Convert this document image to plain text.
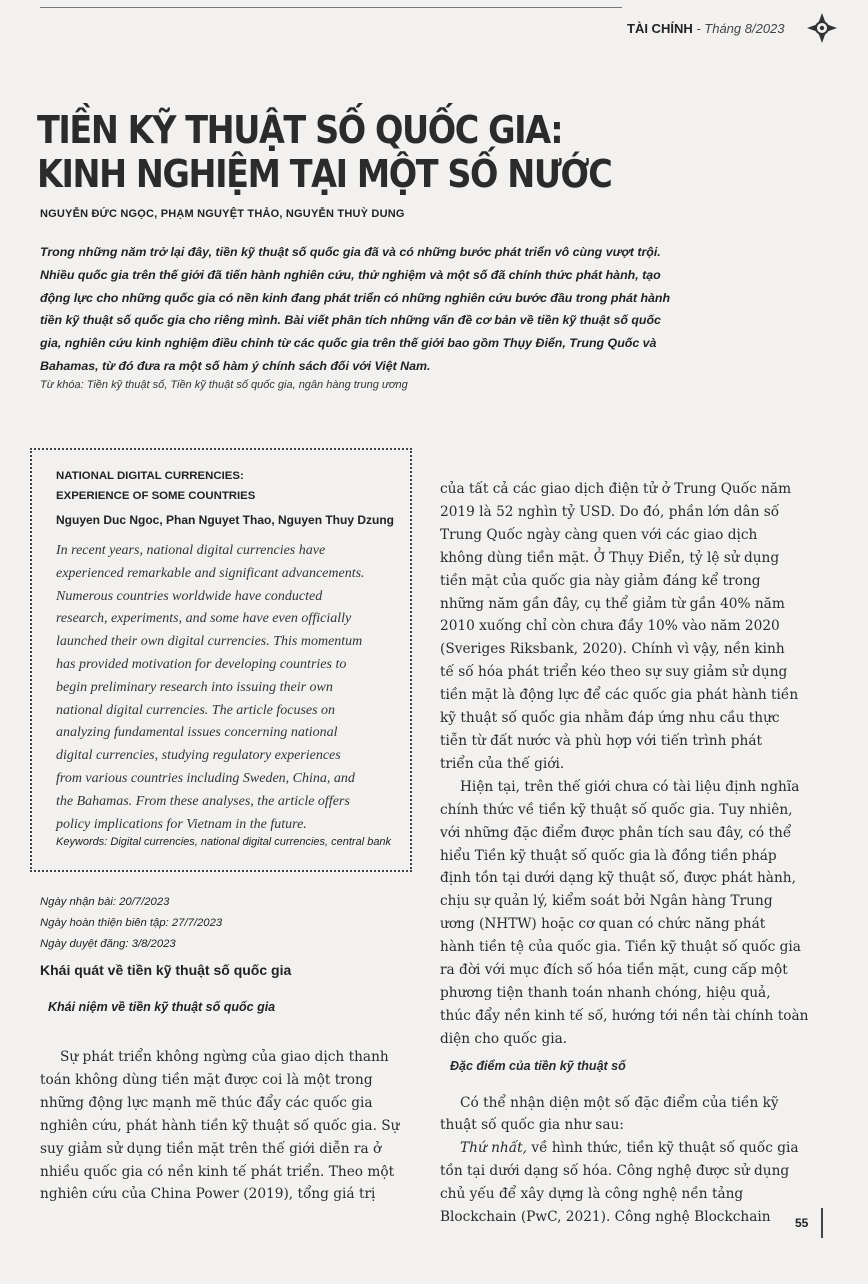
TÀI CHÍNH - Tháng 8/2023
TIỀN KỸ THUẬT SỐ QUỐC GIA:
KINH NGHIỆM TẠI MỘT SỐ NƯỚC
NGUYỄN ĐỨC NGỌC, PHẠM NGUYỆT THẢO, NGUYỄN THUỲ DUNG
Trong những năm trở lại đây, tiền kỹ thuật số quốc gia đã và có những bước phát triển vô cùng vượt trội.
Nhiều quốc gia trên thế giới đã tiến hành nghiên cứu, thử nghiệm và một số đã chính thức phát hành, tạo
động lực cho những quốc gia có nền kinh đang phát triển có những nghiên cứu bước đầu trong phát hành
tiền kỹ thuật số quốc gia cho riêng mình. Bài viết phân tích những vấn đề cơ bản về tiền kỹ thuật số quốc
gia, nghiên cứu kinh nghiệm điều chỉnh từ các quốc gia trên thế giới bao gồm Thụy Điển, Trung Quốc và
Bahamas, từ đó đưa ra một số hàm ý chính sách đối với Việt Nam.
Từ khóa: Tiền kỹ thuật số, Tiền kỹ thuật số quốc gia, ngân hàng trung ương
NATIONAL DIGITAL CURRENCIES:
EXPERIENCE OF SOME COUNTRIES
Nguyen Duc Ngoc, Phan Nguyet Thao, Nguyen Thuy Dzung
In recent years, national digital currencies have
experienced remarkable and significant advancements.
Numerous countries worldwide have conducted
research, experiments, and some have even officially
launched their own digital currencies. This momentum
has provided motivation for developing countries to
begin preliminary research into issuing their own
national digital currencies. The article focuses on
analyzing fundamental issues concerning national
digital currencies, studying regulatory experiences
from various countries including Sweden, China, and
the Bahamas. From these analyses, the article offers
policy implications for Vietnam in the future.
Keywords: Digital currencies, national digital currencies, central bank
Ngày nhận bài: 20/7/2023
Ngày hoàn thiện biên tập: 27/7/2023
Ngày duyệt đăng: 3/8/2023
Khái quát về tiền kỹ thuật số quốc gia
Khái niệm về tiền kỹ thuật số quốc gia
Sự phát triển không ngừng của giao dịch thanh
toán không dùng tiền mặt được coi là một trong
những động lực mạnh mẽ thúc đẩy các quốc gia
nghiên cứu, phát hành tiền kỹ thuật số quốc gia. Sự
suy giảm sử dụng tiền mặt trên thế giới diễn ra ở
nhiều quốc gia có nền kinh tế phát triển. Theo một
nghiên cứu của China Power (2019), tổng giá trị
của tất cả các giao dịch điện tử ở Trung Quốc năm
2019 là 52 nghìn tỷ USD. Do đó, phần lớn dân số
Trung Quốc ngày càng quen với các giao dịch
không dùng tiền mặt. Ở Thụy Điển, tỷ lệ sử dụng
tiền mặt của quốc gia này giảm đáng kể trong
những năm gần đây, cụ thể giảm từ gần 40% năm
2010 xuống chỉ còn chưa đầy 10% vào năm 2020
(Sveriges Riksbank, 2020). Chính vì vậy, nền kinh
tế số hóa phát triển kéo theo sự suy giảm sử dụng
tiền mặt là động lực để các quốc gia phát hành tiền
kỹ thuật số quốc gia nhằm đáp ứng nhu cầu thực
tiễn từ đất nước và phù hợp với tiến trình phát
triển của thế giới.
Hiện tại, trên thế giới chưa có tài liệu định nghĩa
chính thức về tiền kỹ thuật số quốc gia. Tuy nhiên,
với những đặc điểm được phân tích sau đây, có thể
hiểu Tiền kỹ thuật số quốc gia là đồng tiền pháp
định tồn tại dưới dạng kỹ thuật số, được phát hành,
chịu sự quản lý, kiểm soát bởi Ngân hàng Trung
ương (NHTW) hoặc cơ quan có chức năng phát
hành tiền tệ của quốc gia. Tiền kỹ thuật số quốc gia
ra đời với mục đích số hóa tiền mặt, cung cấp một
phương tiện thanh toán nhanh chóng, hiệu quả,
thúc đẩy nền kinh tế số, hướng tới nền tài chính toàn
diện cho quốc gia.
Đặc điểm của tiền kỹ thuật số
Có thể nhận diện một số đặc điểm của tiền kỹ
thuật số quốc gia như sau:
Thứ nhất, về hình thức, tiền kỹ thuật số quốc gia
tồn tại dưới dạng số hóa. Công nghệ được sử dụng
chủ yếu để xây dựng là công nghệ nền tảng
Blockchain (PwC, 2021). Công nghệ Blockchain	55
